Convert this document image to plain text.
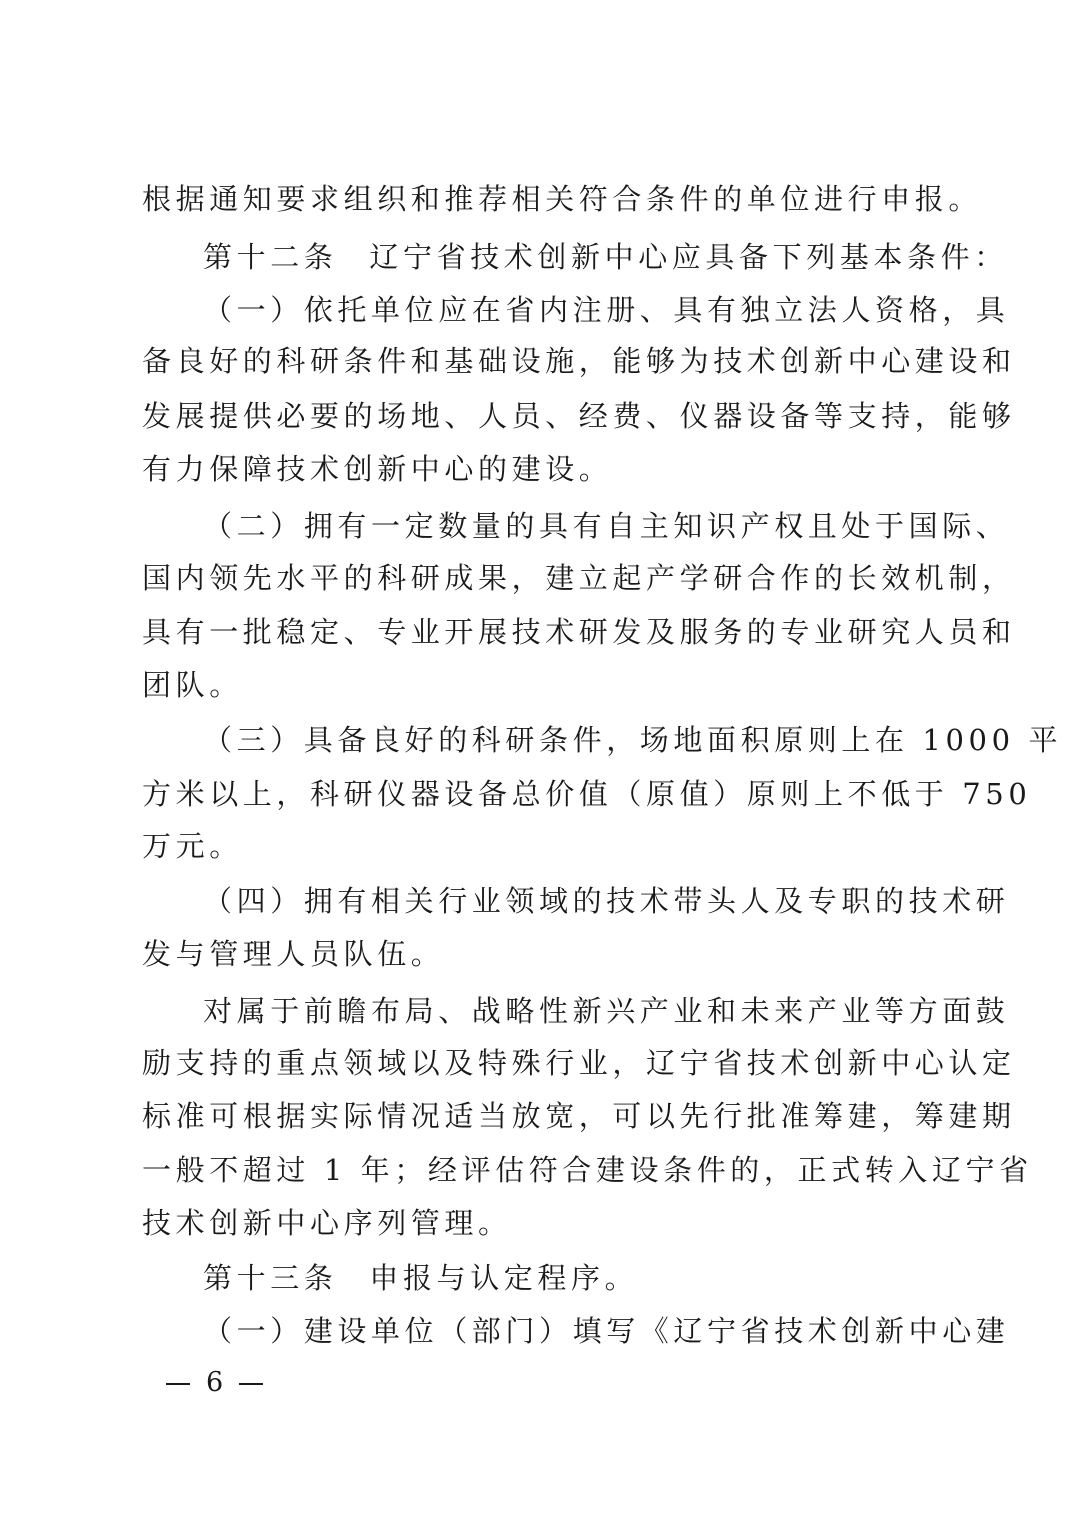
根据通知要求组织和推荐相关符合条件的单位进行申报。
第十二条 辽宁省技术创新中心应具备下列基本条件：
（一）依托单位应在省内注册、具有独立法人资格，具
备良好的科研条件和基础设施，能够为技术创新中心建设和
发展提供必要的场地、人员、经费、仪器设备等支持，能够
有力保障技术创新中心的建设。
（二）拥有一定数量的具有自主知识产权且处于国际、
国内领先水平的科研成果，建立起产学研合作的长效机制，
具有一批稳定、专业开展技术研发及服务的专业研究人员和
团队。
（三）具备良好的科研条件，场地面积原则上在 1000 平
方米以上，科研仪器设备总价值（原值）原则上不低于 750
万元。
（四）拥有相关行业领域的技术带头人及专职的技术研
发与管理人员队伍。
对属于前瞻布局、战略性新兴产业和未来产业等方面鼓
励支持的重点领域以及特殊行业，辽宁省技术创新中心认定
标准可根据实际情况适当放宽，可以先行批准筹建，筹建期
一般不超过 1 年；经评估符合建设条件的，正式转入辽宁省
技术创新中心序列管理。
第十三条 申报与认定程序。
（一）建设单位（部门）填写《辽宁省技术创新中心建
6
